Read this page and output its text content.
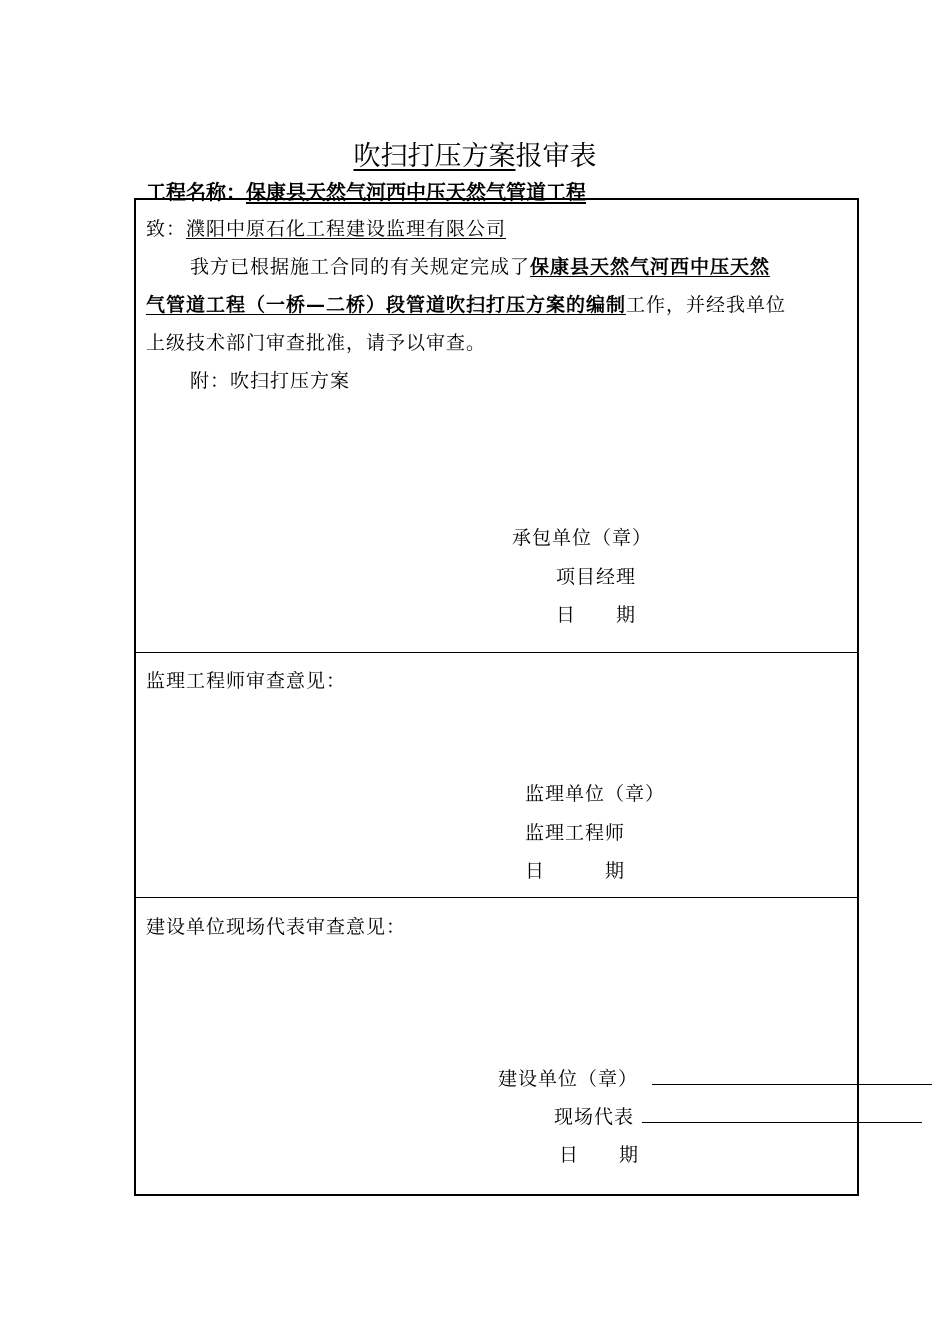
吹扫打压方案报审表
工程名称：保康县天然气河西中压天然气管道工程
致：濮阳中原石化工程建设监理有限公司
我方已根据施工合同的有关规定完成了保康县天然气河西中压天然
气管道工程（一桥—二桥）段管道吹扫打压方案的编制工作，并经我单位
上级技术部门审查批准，请予以审查。
附：吹扫打压方案
承包单位（章）
项目经理
日　　期
监理工程师审查意见：
监理单位（章）
监理工程师
日　　　期
建设单位现场代表审查意见：
建设单位（章）
现场代表
日　　期
